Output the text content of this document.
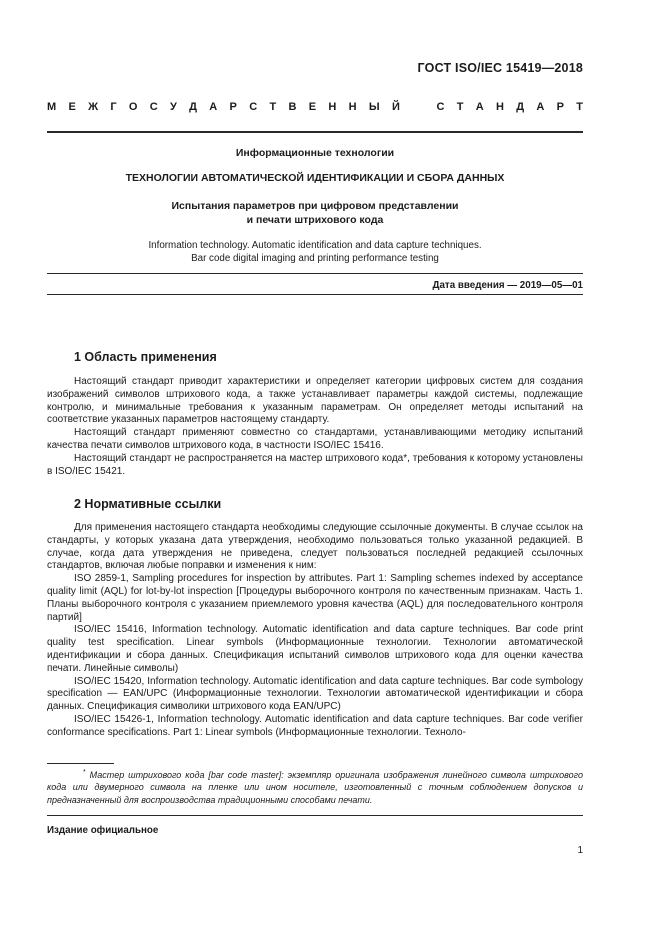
ГОСТ ISO/IEC 15419—2018
М Е Ж Г О С У Д А Р С Т В Е Н Н Ы Й	С Т А Н Д А Р Т
Информационные технологии
ТЕХНОЛОГИИ АВТОМАТИЧЕСКОЙ ИДЕНТИФИКАЦИИ И СБОРА ДАННЫХ
Испытания параметров при цифровом представлении
и печати штрихового кода
Information technology. Automatic identification and data capture techniques.
Bar code digital imaging and printing performance testing
Дата введения — 2019—05—01
1 Область применения

Настоящий стандарт приводит характеристики и определяет категории цифровых систем для создания изображений символов штрихового кода, а также устанавливает параметры каждой системы, подлежащие контролю, и минимальные требования к указанным параметрам. Он определяет методы испытаний на соответствие указанных параметров настоящему стандарту.

Настоящий стандарт применяют совместно со стандартами, устанавливающими методику испытаний качества печати символов штрихового кода, в частности ISO/IEC 15416.

Настоящий стандарт не распространяется на мастер штрихового кода*, требования к которому установлены в ISO/IEC 15421.

2 Нормативные ссылки

Для применения настоящего стандарта необходимы следующие ссылочные документы. В случае ссылок на стандарты, у которых указана дата утверждения, необходимо пользоваться только указанной редакцией. В случае, когда дата утверждения не приведена, следует пользоваться последней редакцией ссылочных стандартов, включая любые поправки и изменения к ним:

ISO 2859-1, Sampling procedures for inspection by attributes. Part 1: Sampling schemes indexed by acceptance quality limit (AQL) for lot-by-lot inspection [Процедуры выборочного контроля по качественным признакам. Часть 1. Планы выборочного контроля с указанием приемлемого уровня качества (AQL) для последовательного контроля партий]

ISO/IEC 15416, Information technology. Automatic identification and data capture techniques. Bar code print quality test specification. Linear symbols (Информационные технологии. Технологии автоматической идентификации и сбора данных. Спецификация испытаний символов штрихового кода для оценки качества печати. Линейные символы)

ISO/IEC 15420, Information technology. Automatic identification and data capture techniques. Bar code symbology specification — EAN/UPC (Информационные технологии. Технологии автоматической идентификации и сбора данных. Спецификация символики штрихового кода EAN/UPC)

ISO/IEC 15426-1, Information technology. Automatic identification and data capture techniques. Bar code verifier conformance specifications. Part 1: Linear symbols (Информационные технологии. Техноло-

* Мастер штрихового кода [bar code master]: экземпляр оригинала изображения линейного символа штрихового кода или двумерного символа на пленке или ином носителе, изготовленный с точным соблюдением допусков и предназначенный для воспроизводства традиционными способами печати.

Издание официальное
1
